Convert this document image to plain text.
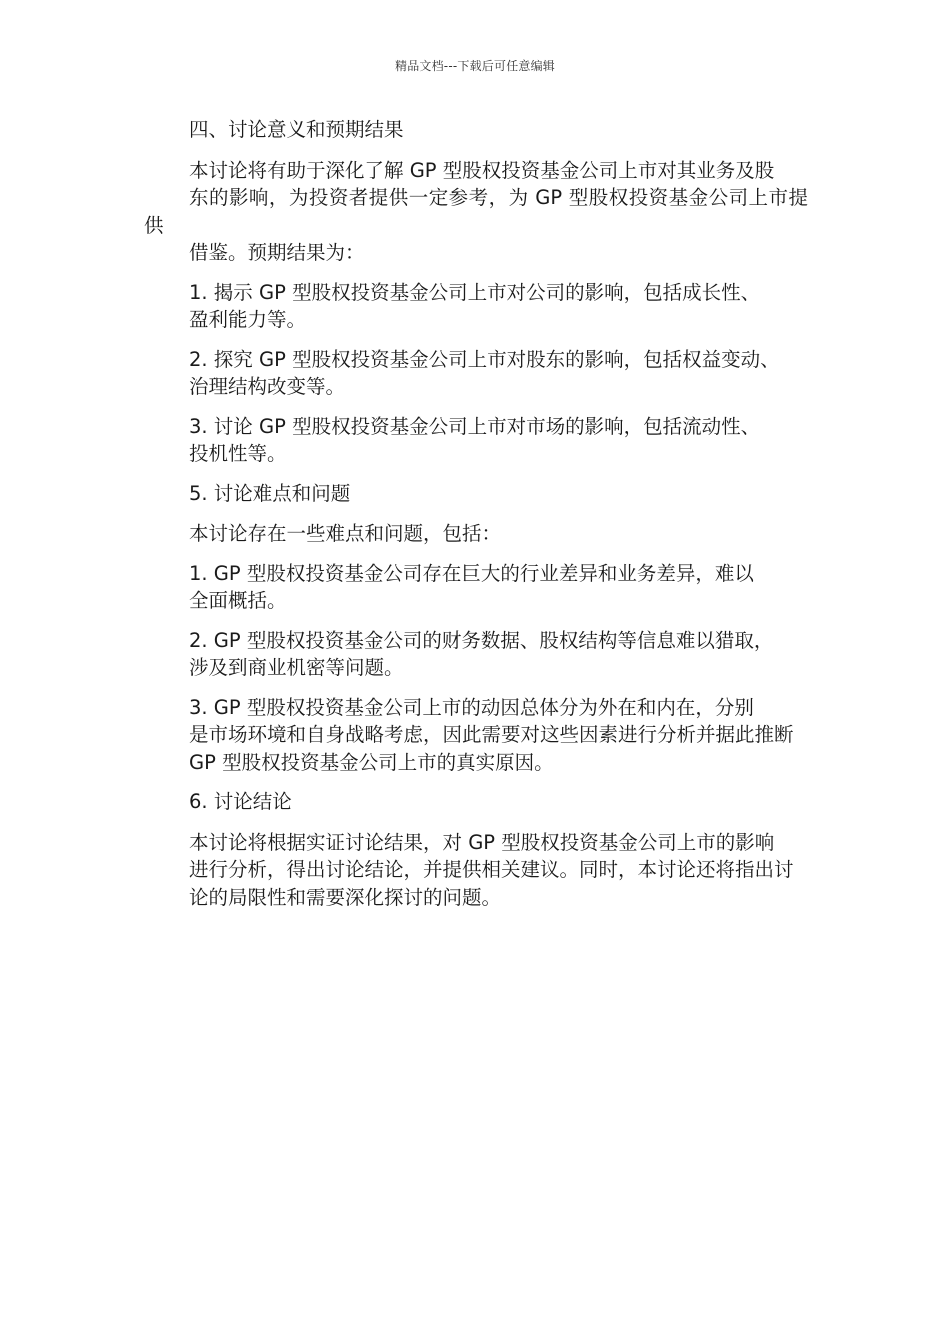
精品文档---下载后可任意编辑

四、讨论意义和预期结果

本讨论将有助于深化了解 GP 型股权投资基金公司上市对其业务及股
东的影响，为投资者提供一定参考，为 GP 型股权投资基金公司上市提供
借鉴。预期结果为：

1. 揭示 GP 型股权投资基金公司上市对公司的影响，包括成长性、
盈利能力等。

2. 探究 GP 型股权投资基金公司上市对股东的影响，包括权益变动、
治理结构改变等。

3. 讨论 GP 型股权投资基金公司上市对市场的影响，包括流动性、
投机性等。

5. 讨论难点和问题

本讨论存在一些难点和问题，包括：

1. GP 型股权投资基金公司存在巨大的行业差异和业务差异，难以
全面概括。

2. GP 型股权投资基金公司的财务数据、股权结构等信息难以猎取，
涉及到商业机密等问题。

3. GP 型股权投资基金公司上市的动因总体分为外在和内在，分别
是市场环境和自身战略考虑，因此需要对这些因素进行分析并据此推断
GP 型股权投资基金公司上市的真实原因。

6. 讨论结论

本讨论将根据实证讨论结果，对 GP 型股权投资基金公司上市的影响
进行分析，得出讨论结论，并提供相关建议。同时，本讨论还将指出讨
论的局限性和需要深化探讨的问题。
